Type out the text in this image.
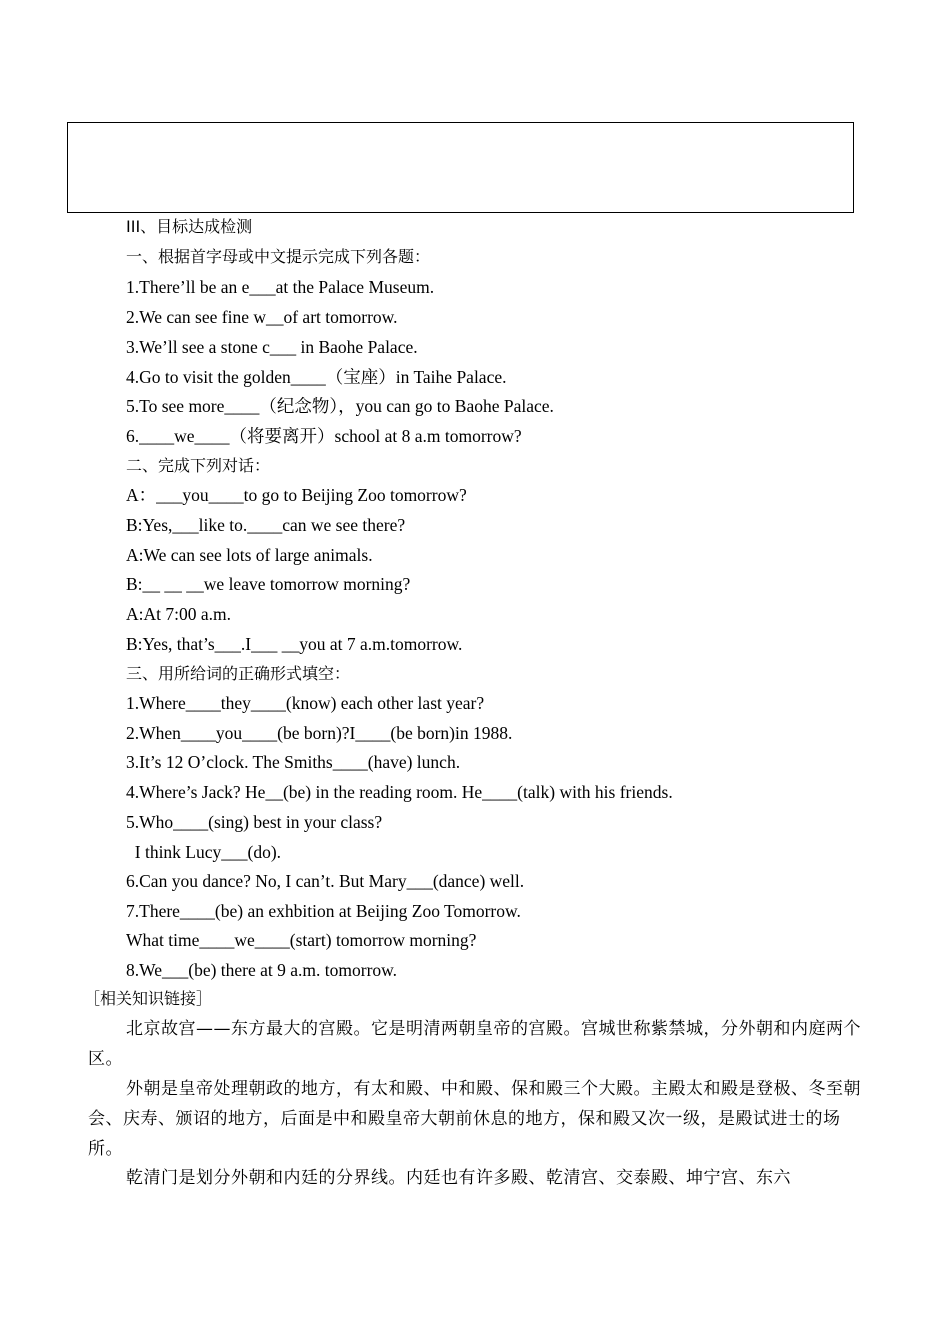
III、目标达成检测
一、根据首字母或中文提示完成下列各题：
1.There’ll be an e___at the Palace Museum.
2.We can see fine w__of art tomorrow.
3.We’ll see a stone c___ in Baohe Palace.
4.Go to visit the golden____（宝座）in Taihe Palace.
5.To see more____（纪念物），you can go to Baohe Palace.
6.____we____（将要离开）school at 8 a.m tomorrow?
二、完成下列对话：
A：___you____to go to Beijing Zoo tomorrow?
B:Yes,___like to.____can we see there?
A:We can see lots of large animals.
B:__ __ __we leave tomorrow morning?
A:At 7:00 a.m.
B:Yes, that’s___.I___ __you at 7 a.m.tomorrow.
三、用所给词的正确形式填空：
1.Where____they____(know) each other last year?
2.When____you____(be born)?I____(be born)in 1988.
3.It’s 12 O’clock. The Smiths____(have) lunch.
4.Where’s Jack? He__(be) in the reading room. He____(talk) with his friends.
5.Who____(sing) best in your class?
I think Lucy___(do).
6.Can you dance? No, I can’t. But Mary___(dance) well.
7.There____(be) an exhbition at Beijing Zoo Tomorrow.
What time____we____(start) tomorrow morning?
8.We___(be) there at 9 a.m. tomorrow.
［相关知识链接］
北京故宫——东方最大的宫殿。它是明清两朝皇帝的宫殿。宫城世称紫禁城，分外朝和内庭两个区。
外朝是皇帝处理朝政的地方，有太和殿、中和殿、保和殿三个大殿。主殿太和殿是登极、冬至朝会、庆寿、颁诏的地方，后面是中和殿皇帝大朝前休息的地方，保和殿又次一级，是殿试进士的场所。
乾清门是划分外朝和内廷的分界线。内廷也有许多殿、乾清宫、交泰殿、坤宁宫、东六
